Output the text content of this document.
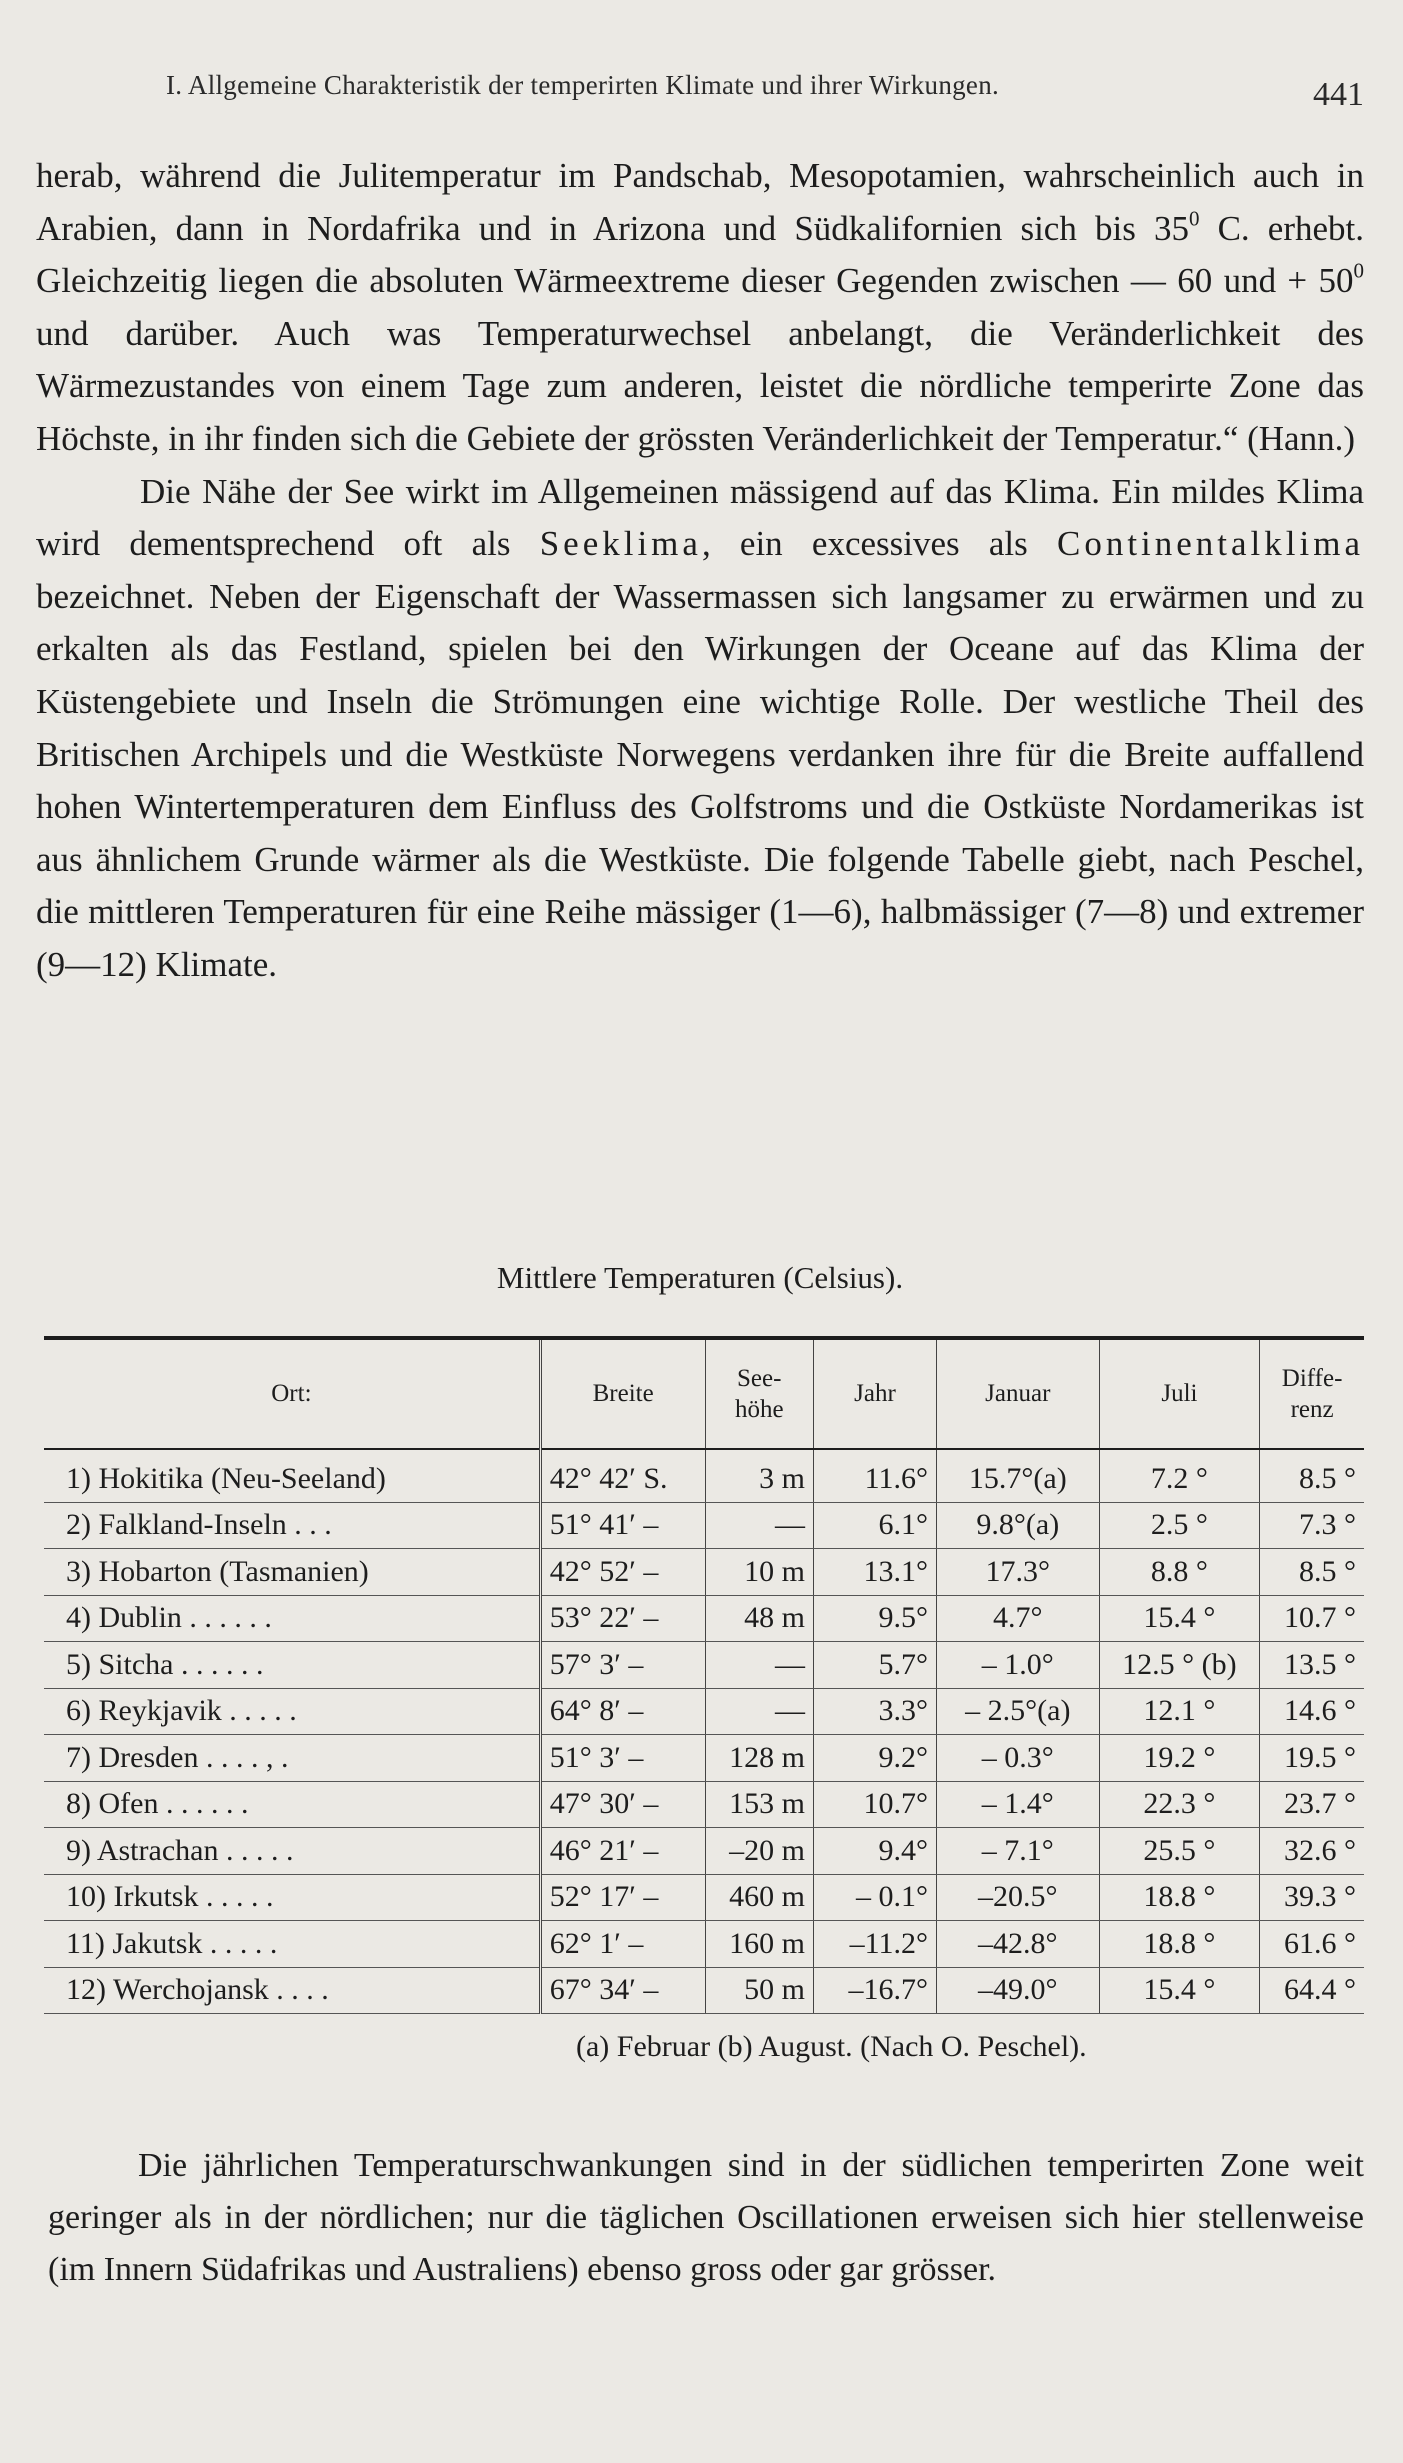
I. Allgemeine Charakteristik der temperirten Klimate und ihrer Wirkungen.	441

herab, während die Julitemperatur im Pandschab, Mesopotamien, wahrscheinlich auch in Arabien, dann in Nordafrika und in Arizona und Südkalifornien sich bis $35^0$ C. erhebt. Gleichzeitig liegen die absoluten Wärmeextreme dieser Gegenden zwischen — 60 und + $50^0$ und darüber. Auch was Temperaturwechsel anbelangt, die Veränderlichkeit des Wärmezustandes von einem Tage zum anderen, leistet die nördliche temperirte Zone das Höchste, in ihr finden sich die Gebiete der grössten Veränderlichkeit der Temperatur.“ (Hann.)

Die Nähe der See wirkt im Allgemeinen mässigend auf das Klima. Ein mildes Klima wird dementsprechend oft als Seeklima, ein excessives als Continentalklima bezeichnet. Neben der Eigenschaft der Wassermassen sich langsamer zu erwärmen und zu erkalten als das Festland, spielen bei den Wirkungen der Oceane auf das Klima der Küstengebiete und Inseln die Strömungen eine wichtige Rolle. Der westliche Theil des Britischen Archipels und die Westküste Norwegens verdanken ihre für die Breite auffallend hohen Wintertemperaturen dem Einfluss des Golfstroms und die Ostküste Nordamerikas ist aus ähnlichem Grunde wärmer als die Westküste. Die folgende Tabelle giebt, nach Peschel, die mittleren Temperaturen für eine Reihe mässiger (1—6), halbmässiger (7—8) und extremer (9—12) Klimate.

Mittlere Temperaturen (Celsius).
Ort:	Breite	See-
höhe	Jahr	Januar	Juli	Diffe-
renz
1) Hokitika (Neu-Seeland)	42° 42′ S.	3 m	11.6°	15.7°(a)	7.2 °	8.5 °
2) Falkland-Inseln . . .	51° 41′ –	—	6.1°	9.8°(a)	2.5 °	7.3 °
3) Hobarton (Tasmanien)	42° 52′ –	10 m	13.1°	17.3°	8.8 °	8.5 °
4) Dublin . . . . . .	53° 22′ –	48 m	9.5°	4.7°	15.4 °	10.7 °
5) Sitcha . . . . . .	57° 3′ –	—	5.7°	– 1.0°	12.5 ° (b)	13.5 °
6) Reykjavik . . . . .	64° 8′ –	—	3.3°	– 2.5°(a)	12.1 °	14.6 °
7) Dresden . . . . , .	51° 3′ –	128 m	9.2°	– 0.3°	19.2 °	19.5 °
8) Ofen . . . . . .	47° 30′ –	153 m	10.7°	– 1.4°	22.3 °	23.7 °
9) Astrachan . . . . .	46° 21′ –	–20 m	9.4°	– 7.1°	25.5 °	32.6 °
10) Irkutsk . . . . .	52° 17′ –	460 m	– 0.1°	–20.5°	18.8 °	39.3 °
11) Jakutsk . . . . .	62° 1′ –	160 m	–11.2°	–42.8°	18.8 °	61.6 °
12) Werchojansk . . . .	67° 34′ –	50 m	–16.7°	–49.0°	15.4 °	64.4 °
(a) Februar (b) August. (Nach O. Peschel).

Die jährlichen Temperaturschwankungen sind in der südlichen temperirten Zone weit geringer als in der nördlichen; nur die täglichen Oscillationen erweisen sich hier stellenweise (im Innern Südafrikas und Australiens) ebenso gross oder gar grösser.
